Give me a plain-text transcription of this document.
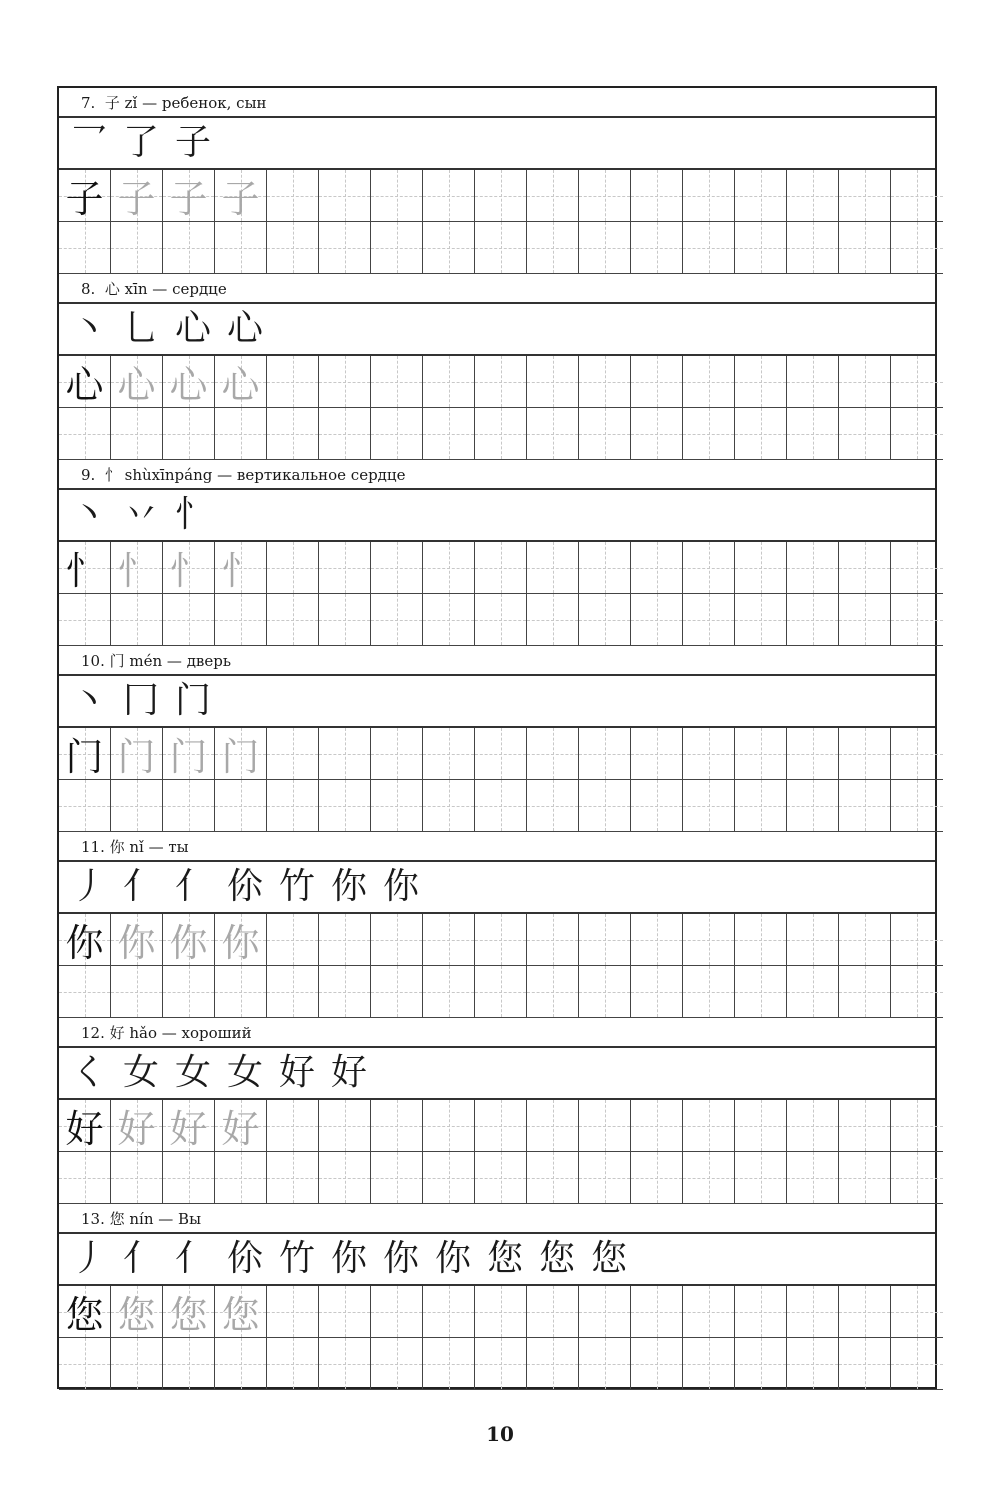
7.  子 zǐ — ребенок, сын
乛 了 子
子 子 子 子
8.  心 xīn — сердце
丶 乚 心 心
心 心 心 心
9.  忄 shùxīnpáng — вертикальное сердце
丶 丷 忄
忄 忄 忄 忄
10. 门 mén — дверь
丶 冂 门
门 门 门 门
11. 你 nǐ — ты
丿 亻 亻 伱 竹 你 你
你 你 你 你
12. 好 hǎo — хороший
く 女 女 女 好 好
好 好 好 好
13. 您 nín — Вы
丿 亻 亻 伱 竹 你 你 你 您 您 您
您 您 您 您
10
